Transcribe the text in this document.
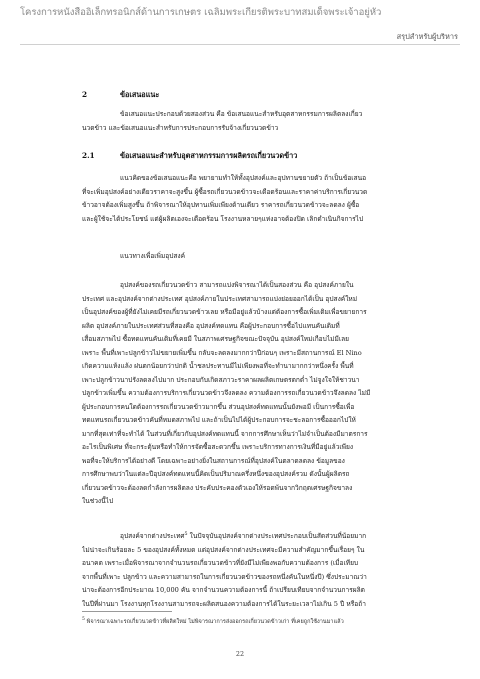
โครงการหนังสืออิเล็กทรอนิกส์ด้านการเกษตร เฉลิมพระเกียรติพระบาทสมเด็จพระเจ้าอยู่หัว
สรุปสำหรับผู้บริหาร
2	ข้อเสนอแนะ
ข้อเสนอแนะประกอบด้วยสองส่วน คือ ข้อเสนอแนะสำหรับอุตสาหกรรมการผลิตลงเกี่ยว
นวดข้าว และข้อเสนอแนะสำหรับการประกอบการรับจ้างเกี่ยวนวดข้าว
2.1	ข้อเสนอแนะสำหรับอุตสาหกรรมการผลิตรถเกี่ยวนวดข้าว
แนวคิดของข้อเสนอแนะคือ พยายามทำให้ทั้งอุปสงค์และอุปทานขยายตัว ถ้าเป็นข้อเสนอ
ที่จะเพิ่มอุปสงค์อย่างเดียวราคาจะสูงขึ้น ผู้ซื้อรถเกี่ยวนวดข้าวจะเดือดร้อนและราคาค่าบริการเกี่ยวนวด
ข้าวอาจต้องเพิ่มสูงขึ้น ถ้าพิจารณาให้อุปทานเพิ่มเพียงด้านเดียว ราคารถเกี่ยวนวดข้าวจะลดลง ผู้ซื้อ
และผู้ใช้จะได้ประโยชน์ แต่ผู้ผลิตเองจะเดือดร้อน โรงงานหลายๆแห่งอาจต้องปิด เลิกดำเนินกิจการไป
แนวทางเพื่อเพิ่มอุปสงค์
อุปสงค์ของรถเกี่ยวนวดข้าว สามารถแบ่งพิจารณาได้เป็นสองส่วน คือ อุปสงค์ภายใน
ประเทศ และอุปสงค์จากต่างประเทศ อุปสงค์ภายในประเทศสามารถแบ่งย่อยออกได้เป็น อุปสงค์ใหม่
เป็นอุปสงค์ของผู้ที่ยังไม่เคยมีรถเกี่ยวนวดข้าวเลย หรือมีอยู่แล้วบ้างแต่ต้องการซื้อเพิ่มเติมเพื่อขยายการ
ผลิต อุปสงค์ภายในประเทศส่วนที่สองคือ อุปสงค์ทดแทน คือผู้ประกอบการซื้อไปแทนคันเดิมที่
เสื่อมสภาพไป ซื้อทดแทนคันเดิมที่เคยมี ในสภาพเศรษฐกิจขณะปัจจุบัน อุปสงค์ใหม่เกือบไม่มีเลย
เพราะ พื้นที่เพาะปลูกข้าวไม่ขยายเพิ่มขึ้น กลับจะลดลงมากกว่าปีก่อนๆ เพราะมีสถานการณ์ El Nino
เกิดความแห้งแล้ง ฝนตกน้อยกว่าปกติ น้ำชลประทานมีไม่เพียงพอที่จะทำนามากกว่าหนึ่งครั้ง พื้นที่
เพาะปลูกข้าวนาปรังลดลงไปมาก ประกอบกับเกิดสภาวะราคาผลผลิตเกษตรตกต่ำ ไม่จูงใจให้ชาวนา
ปลูกข้าวเพิ่มขึ้น ความต้องการบริการเกี่ยวนวดข้าวจึงลดลง ความต้องการรถเกี่ยวนวดข้าวจึงลดลง ไม่มี
ผู้ประกอบการคนใดต้องการรถเกี่ยวนวดข้าวมากขึ้น ส่วนอุปสงค์ทดแทนนั้นยังพอมี เป็นการซื้อเพื่อ
ทดแทนรถเกี่ยวนวดข้าวคันที่หมดสภาพไป และถ้าเป็นไปได้ผู้ประกอบการจะชะลอการซื้อออกไปให้
มากที่สุดเท่าที่จะทำได้ ในส่วนที่เกี่ยวกับอุปสงค์ทดแทนนี้ จากการศึกษาเห็นว่าไม่จำเป็นต้องมีมาตรการ
อะไรเป็นพิเศษ ที่จะกระตุ้นหรือทำให้การจัดซื้อสะดวกขึ้น เพราะบริการทางการเงินที่มีอยู่แล้วเพียง
พอที่จะให้บริการได้อย่างดี โดยเฉพาะอย่างยิ่งในสถานการณ์ที่อุปสงค์ในตลาดลดลง ข้อมูลของ
การศึกษาพบว่าในแต่ละปีอุปสงค์ทดแทนนี้คิดเป็นปริมาณครึ่งหนึ่งของอุปสงค์รวม ดังนั้นผู้ผลิตรถ
เกี่ยวนวดข้าวจะต้องลดกำลังการผลิตลง ประคับประคองตัวเองให้รอดพ้นจากวิกฤตเศรษฐกิจขาลง
ในช่วงนี้ไป
อุปสงค์จากต่างประเทศ$^5$ ในปัจจุบันอุปสงค์จากต่างประเทศประกอบเป็นสัดส่วนที่น้อยมาก
ไม่น่าจะเกินร้อยละ 5 ของอุปสงค์ทั้งหมด แต่อุปสงค์จากต่างประเทศจะมีความสำคัญมากขึ้นเรื่อยๆ ใน
อนาคต เพราะเมื่อพิจารณาจากจำนวนรถเกี่ยวนวดข้าวที่ยังมีไม่เพียงพอกับความต้องการ (เมื่อเทียบ
จากพื้นที่เพาะ ปลูกข้าว และความสามารถในการเกี่ยวนวดข้าวของรถหนึ่งคันในหนึ่งปี) ซึ่งประมาณว่า
น่าจะต้องการอีกประมาณ 10,000 คัน จากจำนวนความต้องการนี้ ถ้าเปรียบเทียบจากจำนวนการผลิต
ในปีที่ผ่านมา โรงงานทุกโรงงานสามารถจะผลิตสนองความต้องการได้ในระยะเวลาไม่เกิน 5 ปี หรือถ้า
$^5$ พิจารณาเฉพาะรถเกี่ยวนวดข้าวที่ผลิตใหม่ ไม่พิจารณาการส่งออกรถเกี่ยวนวดข้าวเก่า ที่เคยถูกใช้งานมาแล้ว
22
